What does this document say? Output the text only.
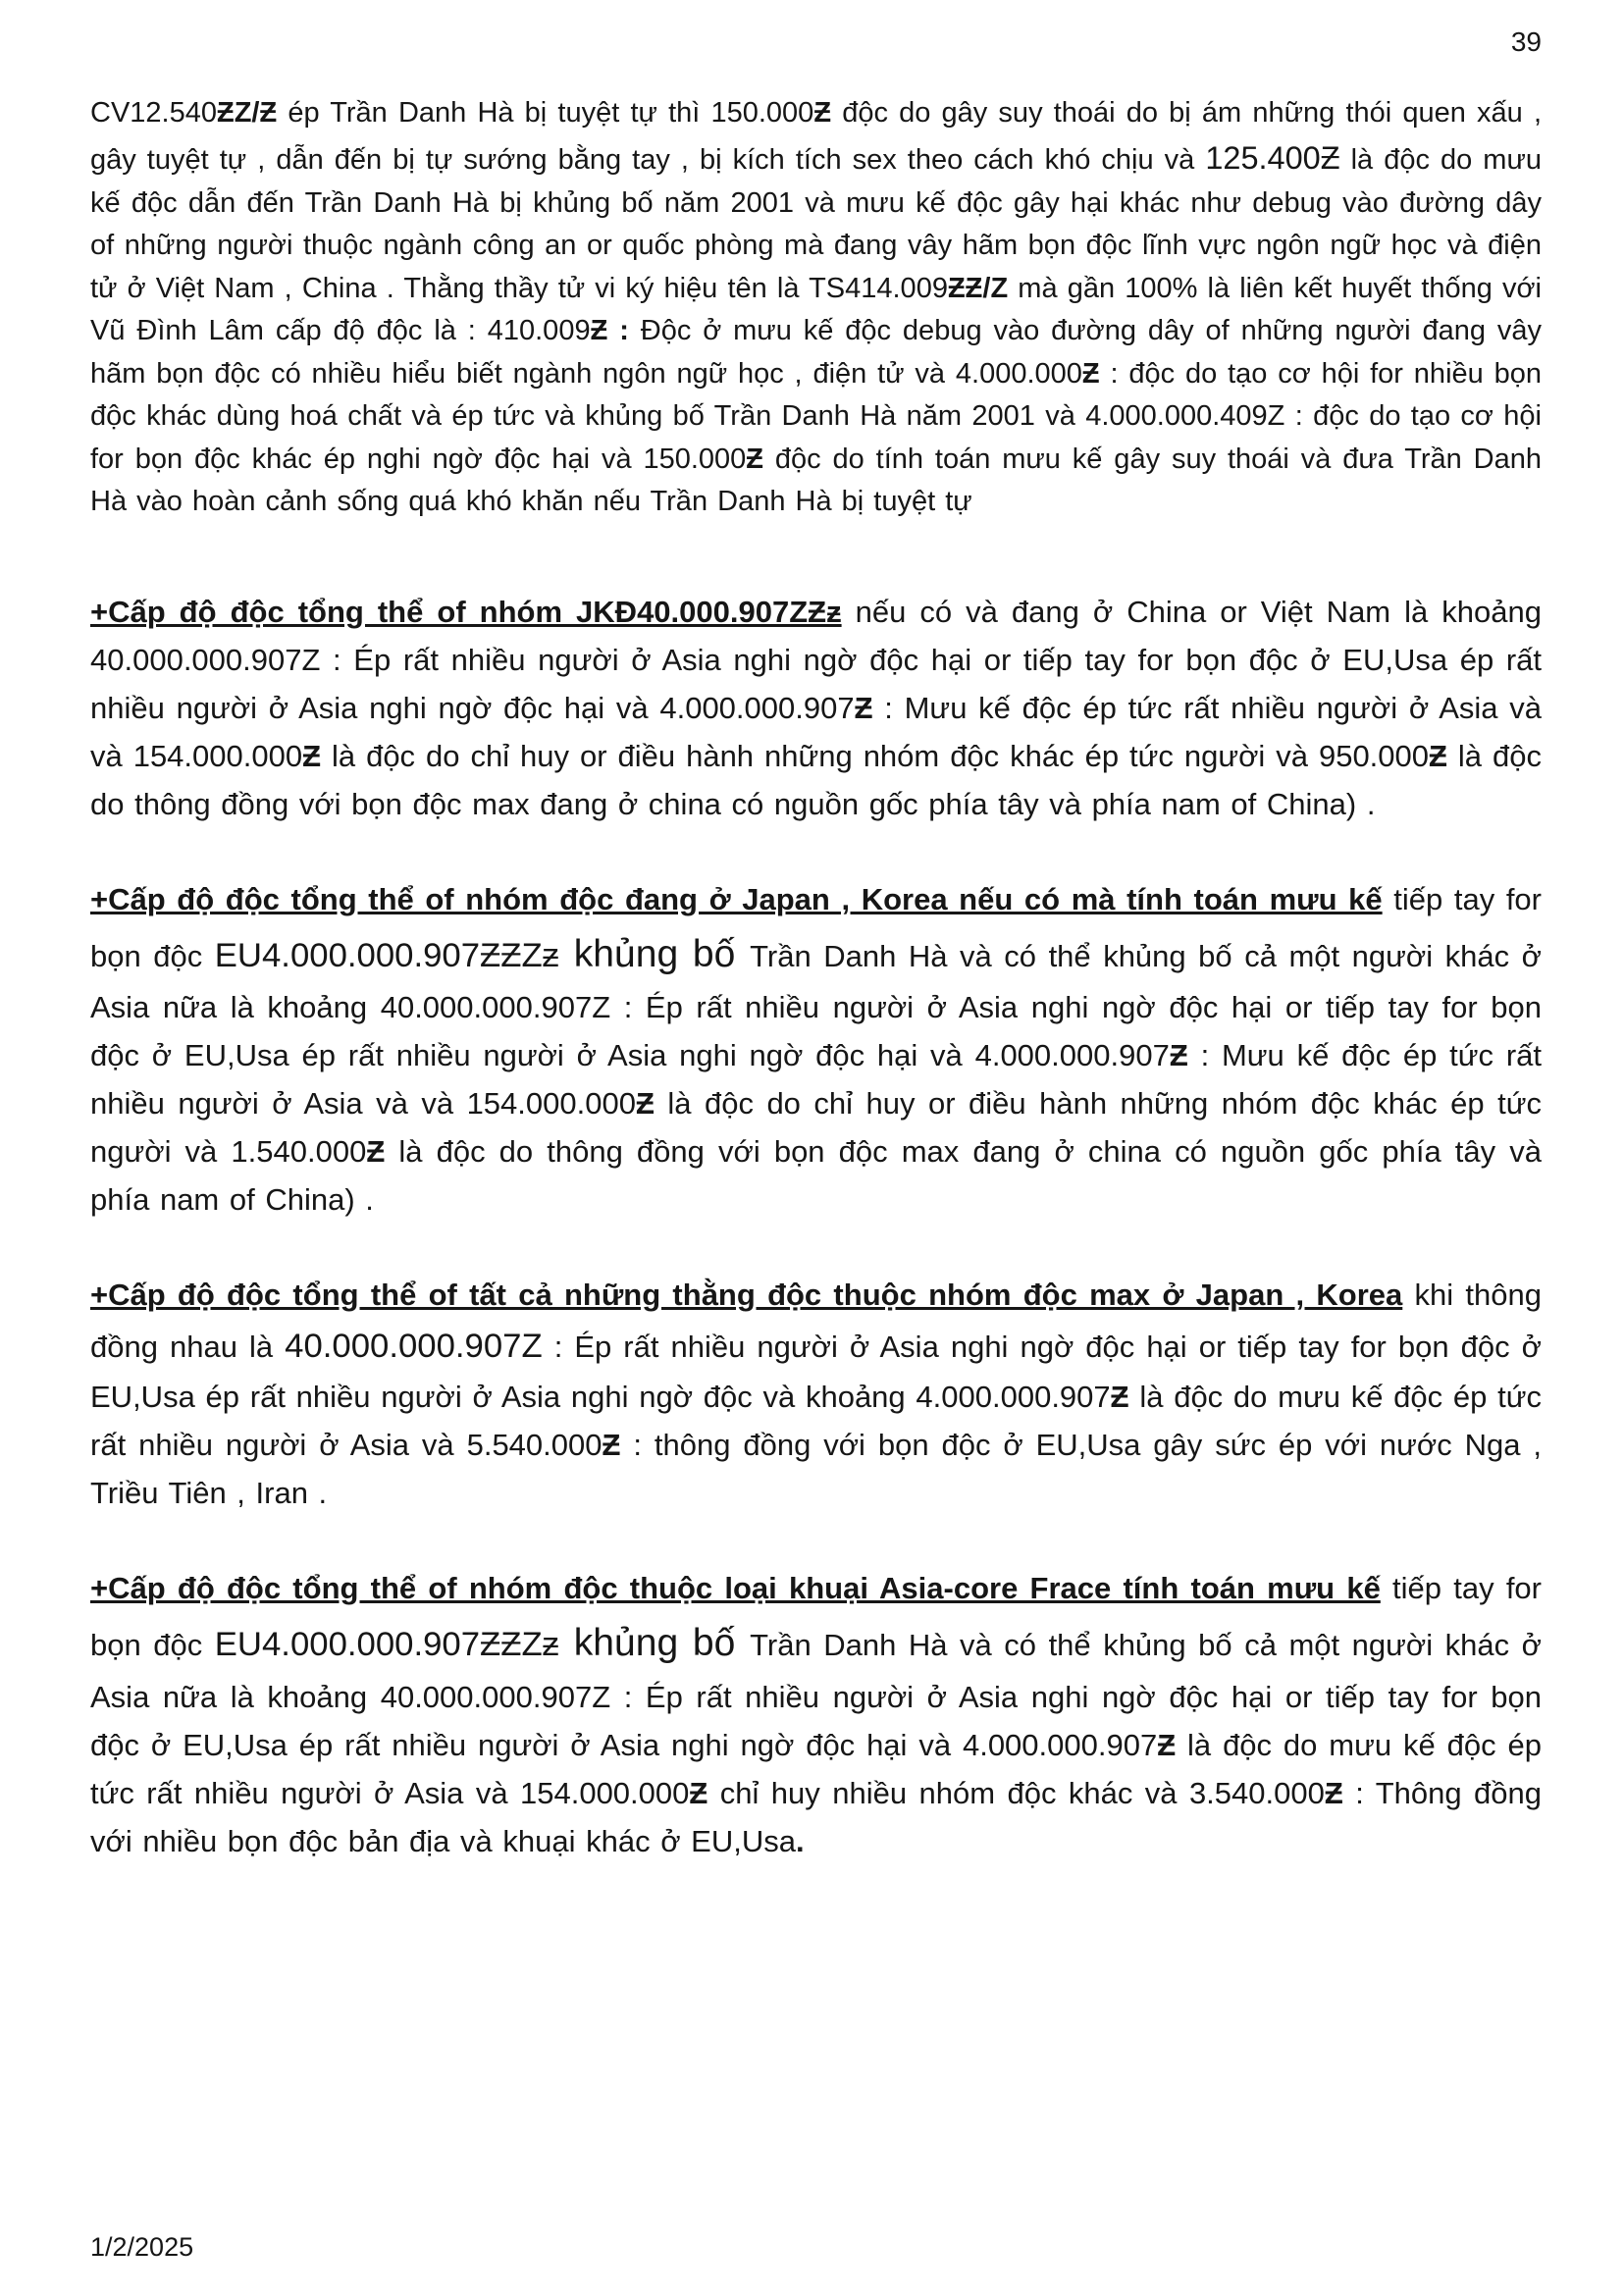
39

CV12.540ƵZ/Ƶ ép Trần Danh Hà bị tuyệt tự thì 150.000Ƶ độc do gây suy thoái do bị ám những thói quen xấu , gây tuyệt tự , dẫn đến bị tự sướng bằng tay , bị kích tích sex theo cách khó chịu và 125.400Ƶ là độc do mưu kế độc dẫn đến Trần Danh Hà bị khủng bố năm 2001 và mưu kế độc gây hại khác như debug vào đường dây of những người thuộc ngành công an or quốc phòng mà đang vây hãm bọn độc lĩnh vực ngôn ngữ học và điện tử ở Việt Nam , China . Thằng thầy tử vi ký hiệu tên là TS414.009ƵƵ/Z mà gần 100% là liên kết huyết thống với Vũ Đình Lâm cấp độ độc là : 410.009Ƶ : Độc ở mưu kế độc debug vào đường dây of những người đang vây hãm bọn độc có nhiều hiểu biết ngành ngôn ngữ học , điện tử và 4.000.000Ƶ : độc do tạo cơ hội for nhiều bọn độc khác dùng hoá chất và ép tức và khủng bố Trần Danh Hà năm 2001 và 4.000.000.409Z : độc do tạo cơ hội for bọn độc khác ép nghi ngờ độc hại và 150.000Ƶ độc do tính toán mưu kế gây suy thoái và đưa Trần Danh Hà vào hoàn cảnh sống quá khó khăn nếu Trần Danh Hà bị tuyệt tự

+Cấp độ độc tổng thể of nhóm JKĐ40.000.907ZƵƶ nếu có và đang ở China or Việt Nam là khoảng 40.000.000.907Z : Ép rất nhiều người ở Asia nghi ngờ độc hại or tiếp tay for bọn độc ở EU,Usa ép rất nhiều người ở Asia nghi ngờ độc hại và 4.000.000.907Ƶ : Mưu kế độc ép tức rất nhiều người ở Asia và và 154.000.000Ƶ là độc do chỉ huy or điều hành những nhóm độc khác ép tức người và 950.000Ƶ là độc do thông đồng với bọn độc max đang ở china có nguồn gốc phía tây và phía nam of China) .

+Cấp độ độc tổng thể of nhóm độc đang ở Japan , Korea nếu có mà tính toán mưu kế tiếp tay for bọn độc EU4.000.000.907ƵƵZƶ khủng bố Trần Danh Hà và có thể khủng bố cả một người khác ở Asia nữa là khoảng 40.000.000.907Z : Ép rất nhiều người ở Asia nghi ngờ độc hại or tiếp tay for bọn độc ở EU,Usa ép rất nhiều người ở Asia nghi ngờ độc hại và 4.000.000.907Ƶ : Mưu kế độc ép tức rất nhiều người ở Asia và và 154.000.000Ƶ là độc do chỉ huy or điều hành những nhóm độc khác ép tức người và 1.540.000Ƶ là độc do thông đồng với bọn độc max đang ở china có nguồn gốc phía tây và phía nam of China) .

+Cấp độ độc tổng thể of tất cả những thằng độc thuộc nhóm độc max ở Japan , Korea khi thông đồng nhau là 40.000.000.907Z : Ép rất nhiều người ở Asia nghi ngờ độc hại or tiếp tay for bọn độc ở EU,Usa ép rất nhiều người ở Asia nghi ngờ độc và khoảng 4.000.000.907Ƶ là độc do mưu kế độc ép tức rất nhiều người ở Asia và 5.540.000Ƶ : thông đồng với bọn độc ở EU,Usa gây sức ép với nước Nga , Triều Tiên , Iran .

+Cấp độ độc tổng thể of nhóm độc thuộc loại khuại Asia-core Frace tính toán mưu kế tiếp tay for bọn độc EU4.000.000.907ƵƵZƶ khủng bố Trần Danh Hà và có thể khủng bố cả một người khác ở Asia nữa là khoảng 40.000.000.907Z : Ép rất nhiều người ở Asia nghi ngờ độc hại or tiếp tay for bọn độc ở EU,Usa ép rất nhiều người ở Asia nghi ngờ độc hại và 4.000.000.907Ƶ là độc do mưu kế độc ép tức rất nhiều người ở Asia và 154.000.000Ƶ chỉ huy nhiều nhóm độc khác và 3.540.000Ƶ : Thông đồng với nhiều bọn độc bản địa và khuại khác ở EU,Usa.

1/2/2025
